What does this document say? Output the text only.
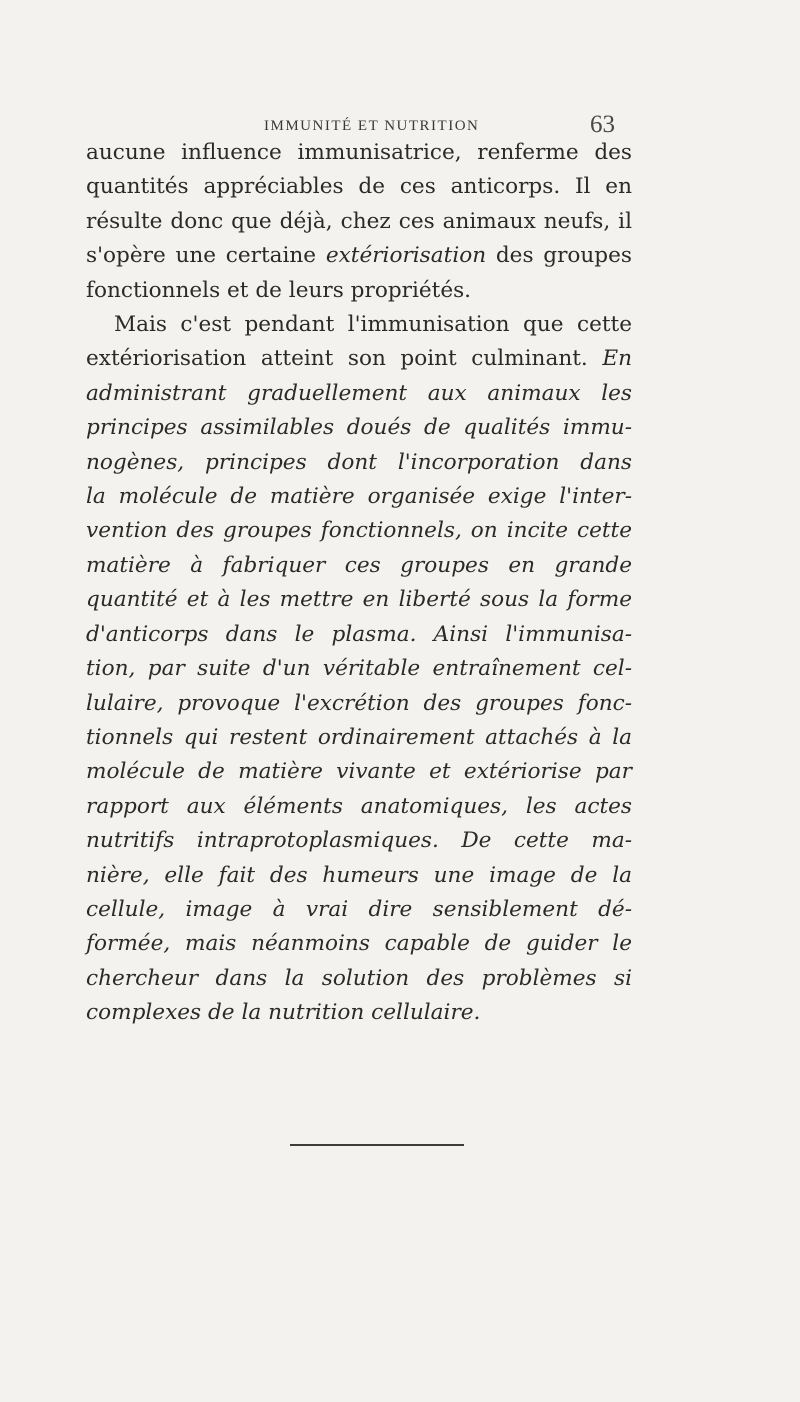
IMMUNITÉ ET NUTRITION	63
aucune influence immunisatrice, renferme des
quantités appréciables de ces anticorps. Il en
résulte donc que déjà, chez ces animaux neufs, il
s'opère une certaine extériorisation des groupes
fonctionnels et de leurs propriétés.
Mais c'est pendant l'immunisation que cette
extériorisation atteint son point culminant. En
administrant graduellement aux animaux les
principes assimilables doués de qualités immu-
nogènes, principes dont l'incorporation dans
la molécule de matière organisée exige l'inter-
vention des groupes fonctionnels, on incite cette
matière à fabriquer ces groupes en grande
quantité et à les mettre en liberté sous la forme
d'anticorps dans le plasma. Ainsi l'immunisa-
tion, par suite d'un véritable entraînement cel-
lulaire, provoque l'excrétion des groupes fonc-
tionnels qui restent ordinairement attachés à la
molécule de matière vivante et extériorise par
rapport aux éléments anatomiques, les actes
nutritifs intraprotoplasmiques. De cette ma-
nière, elle fait des humeurs une image de la
cellule, image à vrai dire sensiblement dé-
formée, mais néanmoins capable de guider le
chercheur dans la solution des problèmes si
complexes de la nutrition cellulaire.
